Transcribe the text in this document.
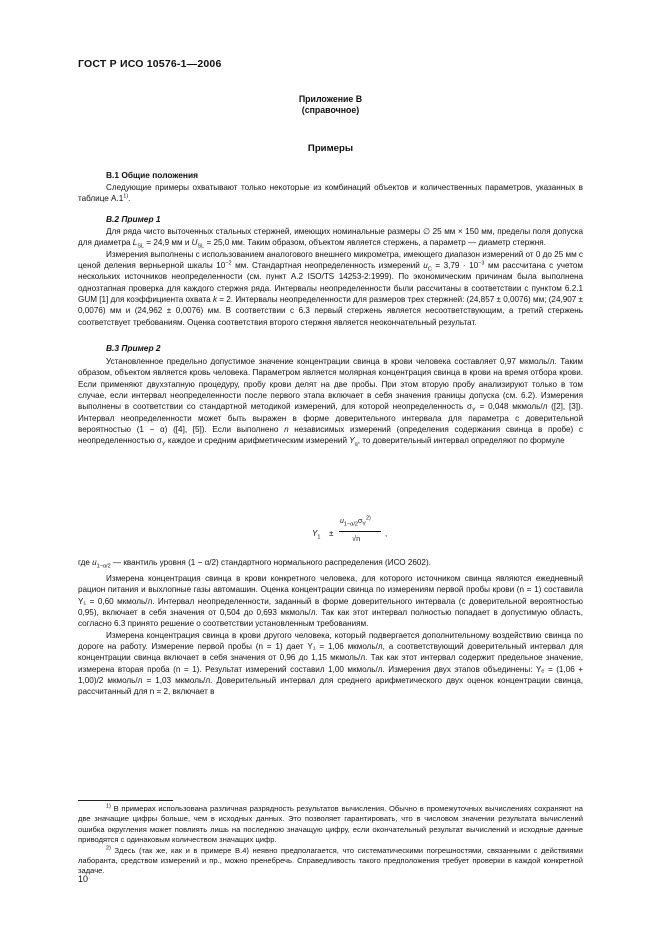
ГОСТ Р ИСО 10576-1—2006
Приложение В
(справочное)
Примеры
В.1 Общие положения

Следующие примеры охватывают только некоторые из комбинаций объектов и количественных параметров, указанных в таблице А.1$^{1)}$.

В.2 Пример 1

Для ряда чисто выточенных стальных стержней, имеющих номинальные размеры ∅ 25 мм × 150 мм, пределы поля допуска для диаметра $L_{SL} = 24,9$ мм и $U_{SL} = 25,0$ мм. Таким образом, объектом является стержень, а параметр — диаметр стержня.

Измерения выполнены с использованием аналогового внешнего микрометра, имеющего диапазон измерений от 0 до 25 мм с ценой деления верньерной шкалы $10^{-2}$ мм. Стандартная неопределенность измерений $u_C = 3,79 \cdot 10^{-3}$ мм рассчитана с учетом нескольких источников неопределенности (см. пункт А.2 ISO/TS 14253-2:1999). По экономическим причинам была выполнена однозтапная проверка для каждого стержня ряда. Интервалы неопределенности были рассчитаны в соответствии с пунктом 6.2.1 GUM [1] для коэффициента охвата k = 2. Интервалы неопределенности для размеров трех стержней: (24,857 ± 0,0076) мм; (24,907 ± 0,0076) мм и (24,962 ± 0,0076) мм. В соответствии с 6.3 первый стержень является несоответствующим, а третий стержень соответствует требованиям. Оценка соответствия второго стержня является неокончательный результат.

В.3 Пример 2

Установленное предельно допустимое значение концентрации свинца в крови человека составляет 0,97 мкмоль/л. Таким образом, объектом является кровь человека. Параметром является молярная концентрация свинца в крови на время отбора крови. Если применяют двухэтапную процедуру, пробу крови делят на две пробы. При этом вторую пробу анализируют только в том случае, если интервал неопределенности после первого этапа включает в себя значения границы допуска (см. 6.2). Измерения выполнены в соответствии со стандартной методикой измерений, для которой неопределенность $\sigma_Y = 0,048$ мкмоль/л ([2], [3]). Интервал неопределенности может быть выражен в форме доверительного интервала для параметра с доверительной вероятностью (1 − α) ([4], [5]). Если выполнено n независимых измерений (определения содержания свинца в пробе) с неопределенностью $\sigma_Y$ каждое и средним арифметическим измерений $Y_q$, то доверительный интервал определяют по формуле

$Y_1$ ±
$u_{1-\alpha/2}\sigma_Y^{2)}$
√n
,

где $u_{1-\alpha/2}$ — квантиль уровня (1 − α/2) стандартного нормального распределения (ИСО 2602).

Измерена концентрация свинца в крови конкретного человека, для которого источником свинца являются ежедневный рацион питания и выхлопные газы автомашин. Оценка концентрации свинца по измерениям первой пробы крови (n = 1) составила Y₁ = 0,60 мкмоль/л. Интервал неопределенности, заданный в форме доверительного интервала (с доверительной вероятностью 0,95), включает в себя значения от 0,504 до 0,693 мкмоль/л. Так как этот интервал полностью попадает в допустимую область, согласно 6.3 принято решение о соответствии установленным требованиям.

Измерена концентрация свинца в крови другого человека, который подвергается дополнительному воздействию свинца по дороге на работу. Измерение первой пробы (n = 1) дает Y₁ = 1,06 мкмоль/л, а соответствующий доверительный интервал для концентрации свинца включает в себя значения от 0,96 до 1,15 мкмоль/л. Так как этот интервал содержит предельное значение, измерена вторая проба (n = 1). Результат измерений составил 1,00 мкмоль/л. Измерения двух этапов объединены: Yₑ = (1,06 + 1,00)/2 мкмоль/л = 1,03 мкмоль/л. Доверительный интервал для среднего арифметического двух оценок концентрации свинца, рассчитанный для n = 2, включает в

$^{1)}$ В примерах использована различная разрядность результатов вычисления. Обычно в промежуточных вычислениях сохраняют на две значащие цифры больше, чем в исходных данных. Это позволяет гарантировать, что в числовом значении результата вычислений ошибка округления может повлиять лишь на последнюю значащую цифру, если окончательный результат вычислений и исходные данные приводятся с одинаковым количеством значащих цифр.

$^{2)}$ Здесь (так же, как и в примере В.4) неявно предполагается, что систематическими погрешностями, связанными с действиями лаборанта, средством измерений и пр., можно пренебречь. Справедливость такого предположения требует проверки в каждой конкретной задаче.

10
